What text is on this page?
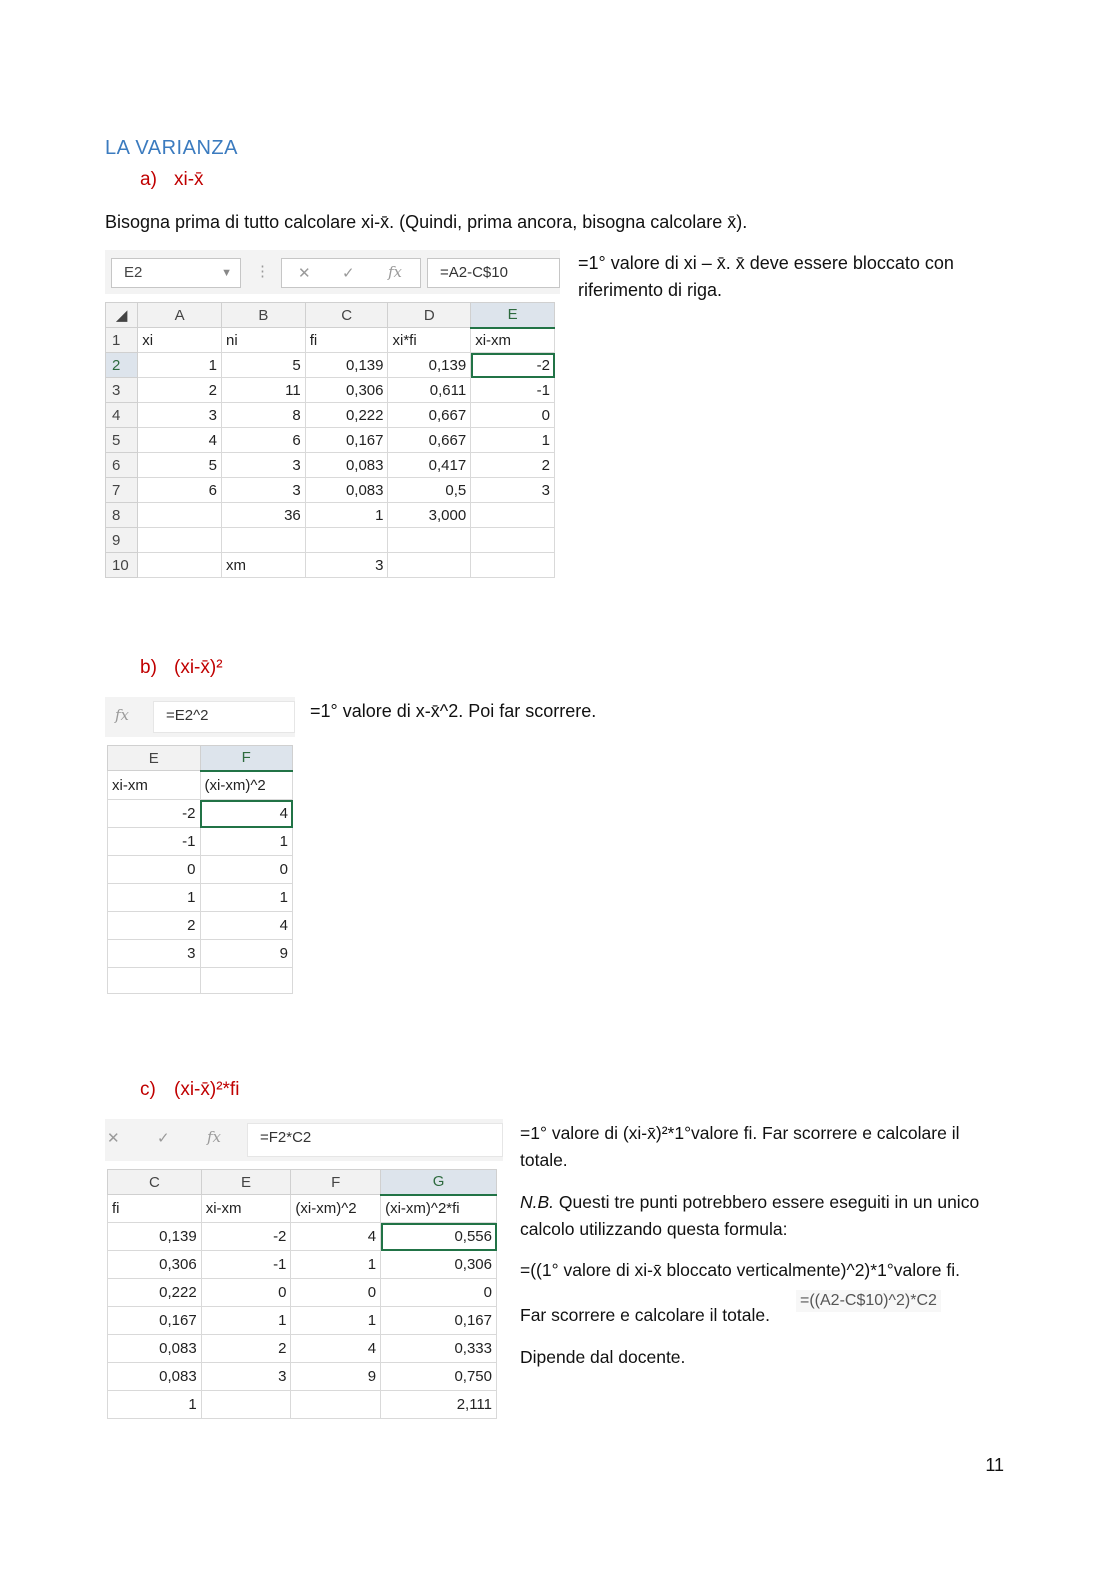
LA VARIANZA
a) xi-x̄
Bisogna prima di tutto calcolare xi-x̄. (Quindi, prima ancora, bisogna calcolare x̄).
E2	▼ ⋮ ✕ ✓ fx	=A2-C$10
◢	A	B	C	D	E
1	xi	ni	fi	xi*fi	xi-xm
2	1	5	0,139	0,139	-2
3	2	11	0,306	0,611	-1
4	3	8	0,222	0,667	0
5	4	6	0,167	0,667	1
6	5	3	0,083	0,417	2
7	6	3	0,083	0,5	3
8		36	1	3,000	
9					
10		xm	3		
=1° valore di xi – x̄. x̄ deve essere bloccato con riferimento di riga.
b) (xi-x̄)²
fx	=E2^2
E	F
xi-xm	(xi-xm)^2
-2	4
-1	1
0	0
1	1
2	4
3	9

=1° valore di x-x̄^2. Poi far scorrere.
c) (xi-x̄)²*fi
✕ ✓ fx	=F2*C2
C	E	F	G
fi	xi-xm	(xi-xm)^2	(xi-xm)^2*fi
0,139	-2	4	0,556
0,306	-1	1	0,306
0,222	0	0	0
0,167	1	1	0,167
0,083	2	4	0,333
0,083	3	9	0,750
1			2,111
=1° valore di (xi-x̄)²*1°valore fi. Far scorrere e calcolare il totale.
N.B. Questi tre punti potrebbero essere eseguiti in un unico calcolo utilizzando questa formula:
=((1° valore di xi-x̄ bloccato verticalmente)^2)*1°valore fi.
Far scorrere e calcolare il totale.
=((A2-C$10)^2)*C2
Dipende dal docente.
11
